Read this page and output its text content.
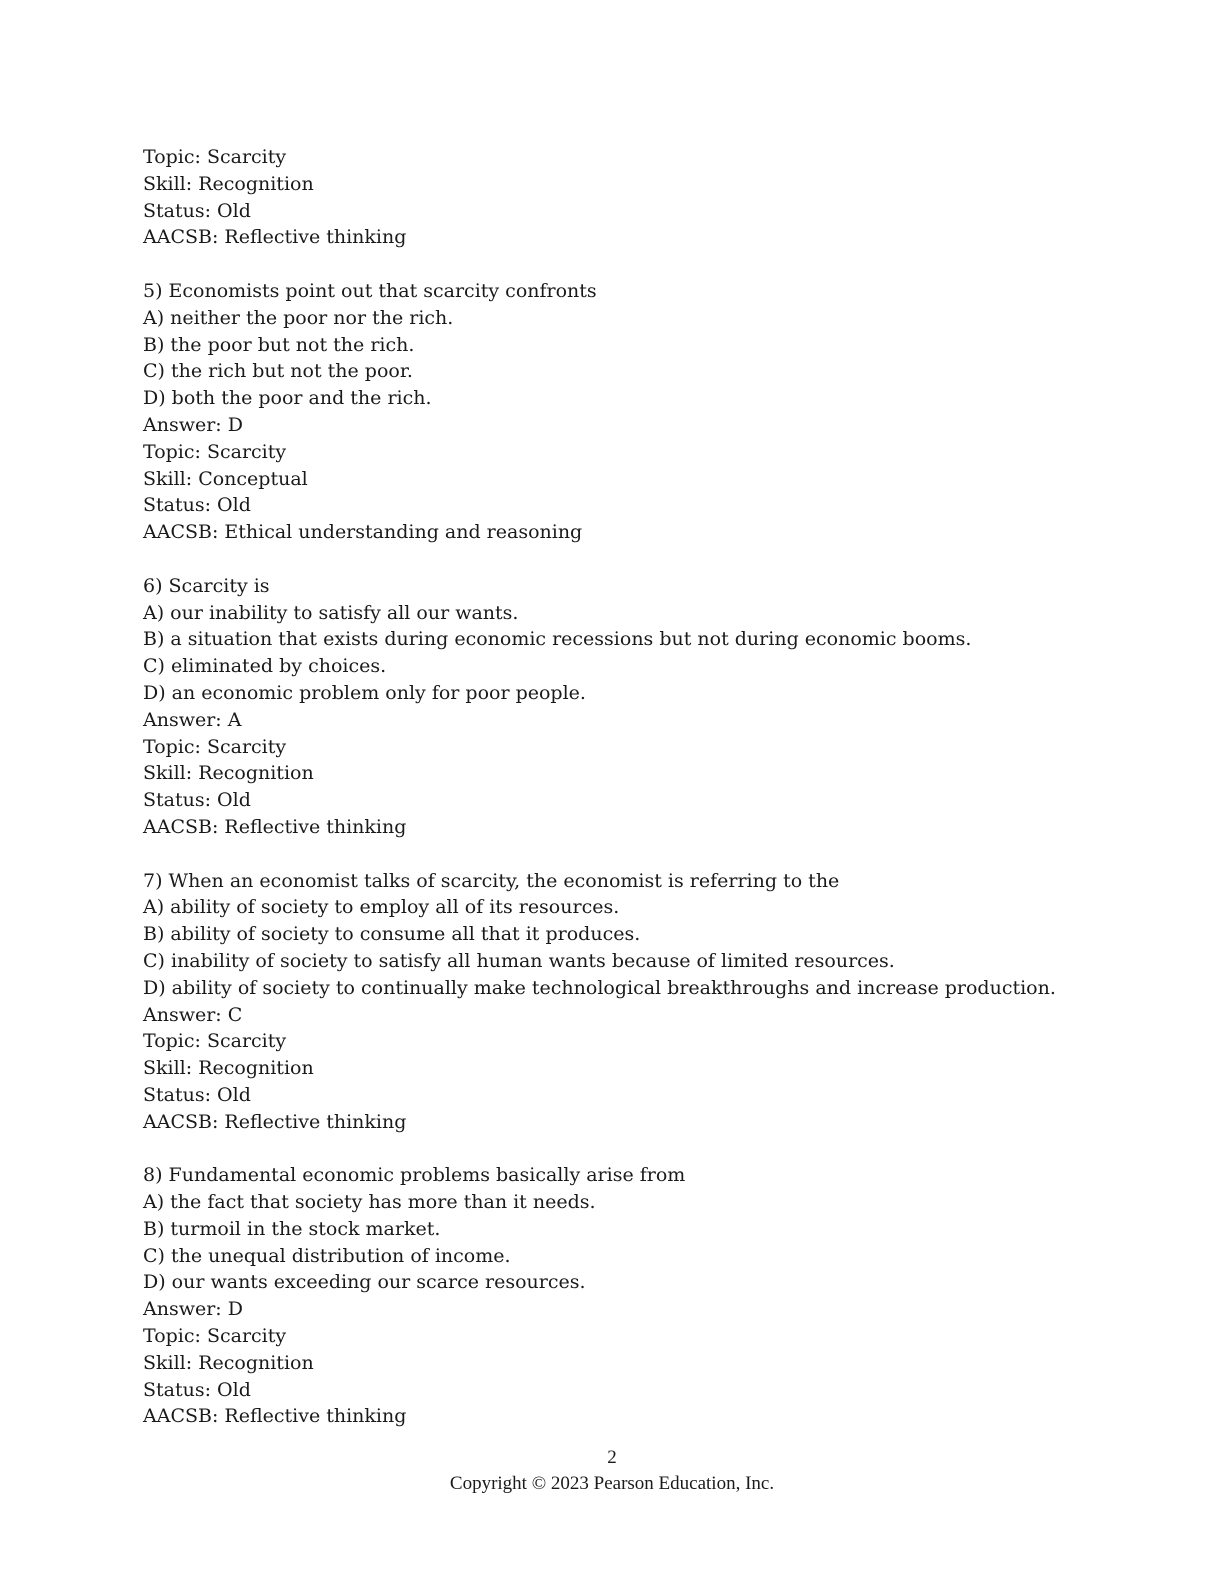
Topic: Scarcity
Skill: Recognition
Status: Old
AACSB: Reflective thinking
5) Economists point out that scarcity confronts
A) neither the poor nor the rich.
B) the poor but not the rich.
C) the rich but not the poor.
D) both the poor and the rich.
Answer: D
Topic: Scarcity
Skill: Conceptual
Status: Old
AACSB: Ethical understanding and reasoning
6) Scarcity is
A) our inability to satisfy all our wants.
B) a situation that exists during economic recessions but not during economic booms.
C) eliminated by choices.
D) an economic problem only for poor people.
Answer: A
Topic: Scarcity
Skill: Recognition
Status: Old
AACSB: Reflective thinking
7) When an economist talks of scarcity, the economist is referring to the
A) ability of society to employ all of its resources.
B) ability of society to consume all that it produces.
C) inability of society to satisfy all human wants because of limited resources.
D) ability of society to continually make technological breakthroughs and increase production.
Answer: C
Topic: Scarcity
Skill: Recognition
Status: Old
AACSB: Reflective thinking
8) Fundamental economic problems basically arise from
A) the fact that society has more than it needs.
B) turmoil in the stock market.
C) the unequal distribution of income.
D) our wants exceeding our scarce resources.
Answer: D
Topic: Scarcity
Skill: Recognition
Status: Old
AACSB: Reflective thinking
2
Copyright © 2023 Pearson Education, Inc.
